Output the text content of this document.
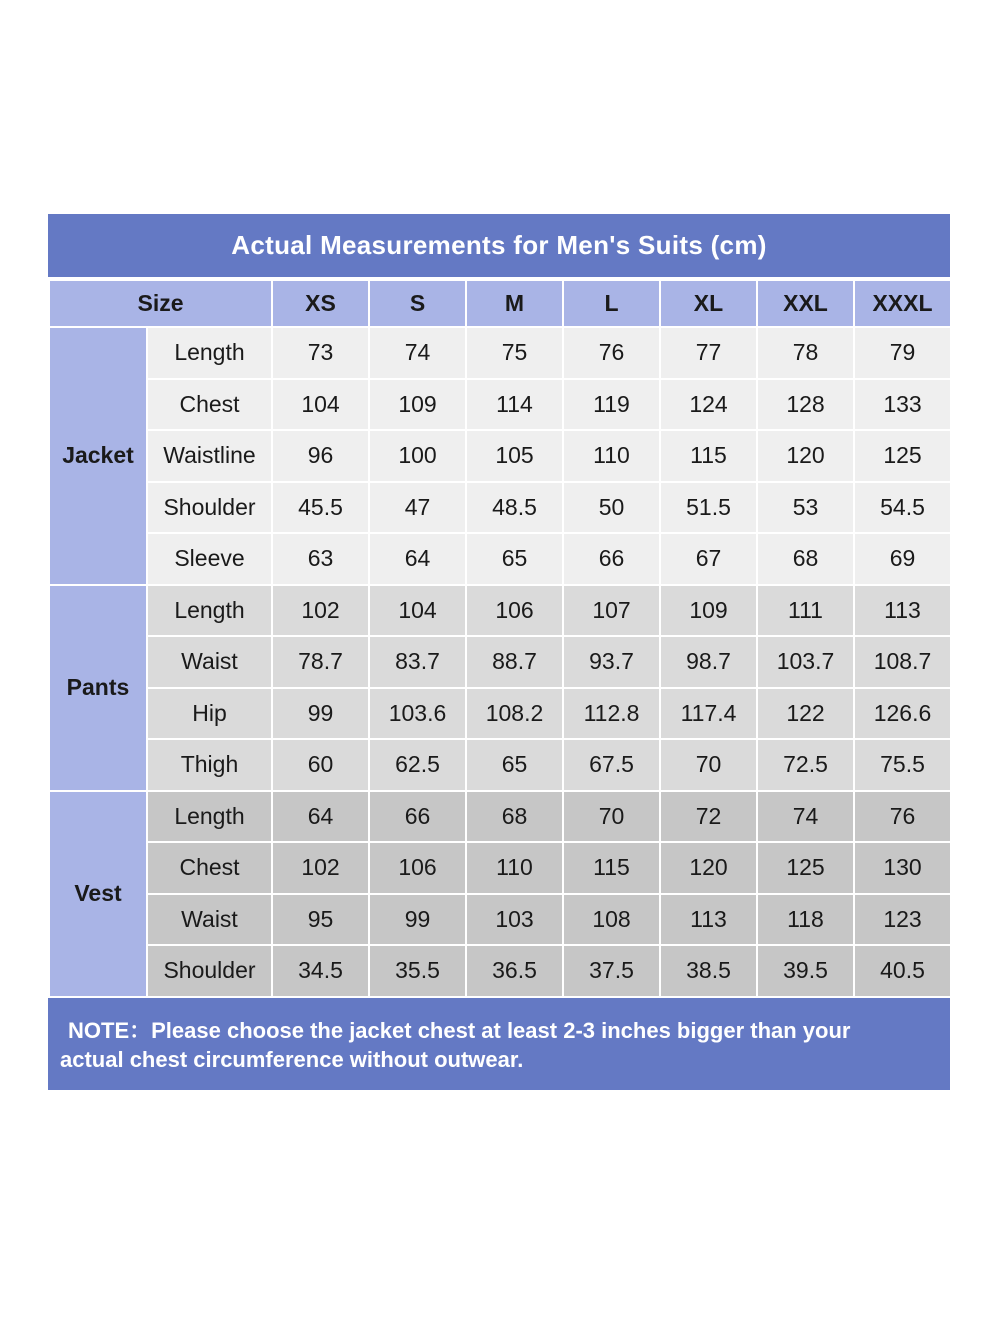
Actual Measurements for Men's Suits (cm)
Size		XS	S	M	L	XL	XXL	XXXL
Jacket	Length	73	74	75	76	77	78	79
	Chest	104	109	114	119	124	128	133
	Waistline	96	100	105	110	115	120	125
	Shoulder	45.5	47	48.5	50	51.5	53	54.5
	Sleeve	63	64	65	66	67	68	69
Pants	Length	102	104	106	107	109	111	113
	Waist	78.7	83.7	88.7	93.7	98.7	103.7	108.7
	Hip	99	103.6	108.2	112.8	117.4	122	126.6
	Thigh	60	62.5	65	67.5	70	72.5	75.5
Vest	Length	64	66	68	70	72	74	76
	Chest	102	106	110	115	120	125	130
	Waist	95	99	103	108	113	118	123
	Shoulder	34.5	35.5	36.5	37.5	38.5	39.5	40.5
NOTE：Please choose the jacket chest at least 2-3 inches bigger than your
actual chest circumference without outwear.
